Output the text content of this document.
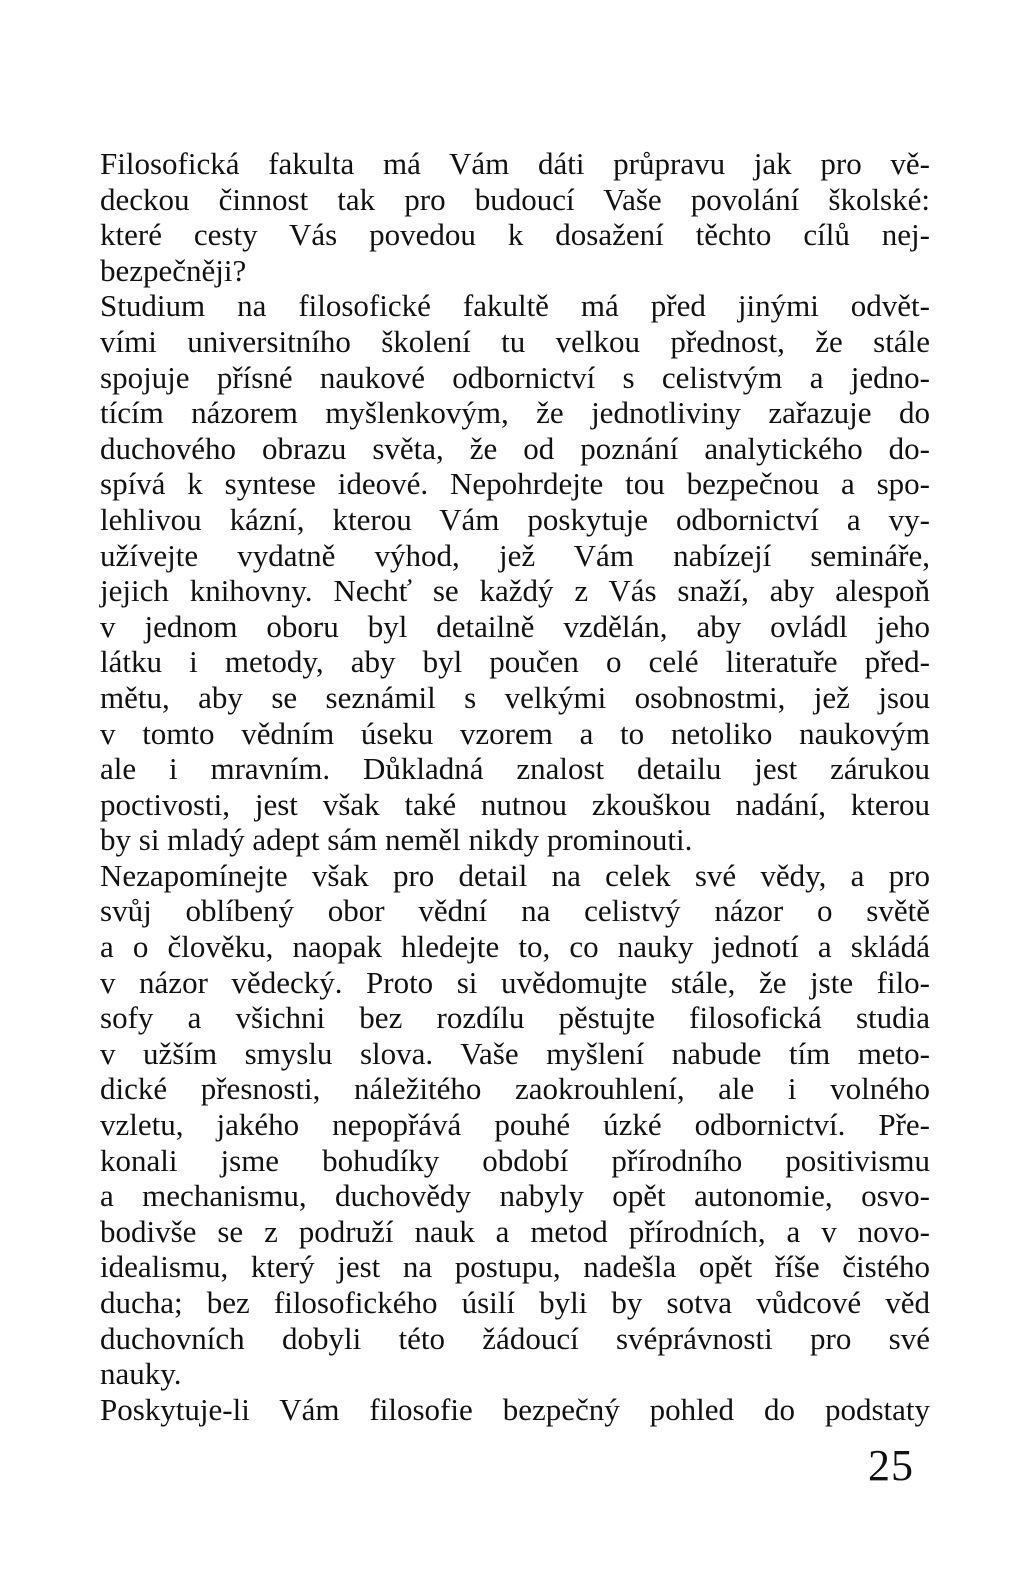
Filosofická fakulta má Vám dáti průpravu jak pro vě-
deckou činnost tak pro budoucí Vaše povolání školské:
které cesty Vás povedou k dosažení těchto cílů nej-
bezpečněji?
Studium na filosofické fakultě má před jinými odvět-
vími universitního školení tu velkou přednost, že stále
spojuje přísné naukové odbornictví s celistvým a jedno-
tícím názorem myšlenkovým, že jednotliviny zařazuje do
duchového obrazu světa, že od poznání analytického do-
spívá k syntese ideové. Nepohrdejte tou bezpečnou a spo-
lehlivou kázní, kterou Vám poskytuje odbornictví a vy-
užívejte vydatně výhod, jež Vám nabízejí semináře,
jejich knihovny. Nechť se každý z Vás snaží, aby alespoň
v jednom oboru byl detailně vzdělán, aby ovládl jeho
látku i metody, aby byl poučen o celé literatuře před-
mětu, aby se seznámil s velkými osobnostmi, jež jsou
v tomto vědním úseku vzorem a to netoliko naukovým
ale i mravním. Důkladná znalost detailu jest zárukou
poctivosti, jest však také nutnou zkouškou nadání, kterou
by si mladý adept sám neměl nikdy prominouti.
Nezapomínejte však pro detail na celek své vědy, a pro
svůj oblíbený obor vědní na celistvý názor o světě
a o člověku, naopak hledejte to, co nauky jednotí a skládá
v názor vědecký. Proto si uvědomujte stále, že jste filo-
sofy a všichni bez rozdílu pěstujte filosofická studia
v užším smyslu slova. Vaše myšlení nabude tím meto-
dické přesnosti, náležitého zaokrouhlení, ale i volného
vzletu, jakého nepopřává pouhé úzké odbornictví. Pře-
konali jsme bohudíky období přírodního positivismu
a mechanismu, duchovědy nabyly opět autonomie, osvo-
bodivše se z podruží nauk a metod přírodních, a v novo-
idealismu, který jest na postupu, nadešla opět říše čistého
ducha; bez filosofického úsilí byli by sotva vůdcové věd
duchovních dobyli této žádoucí svéprávnosti pro své
nauky.
Poskytuje-li Vám filosofie bezpečný pohled do podstaty
25
